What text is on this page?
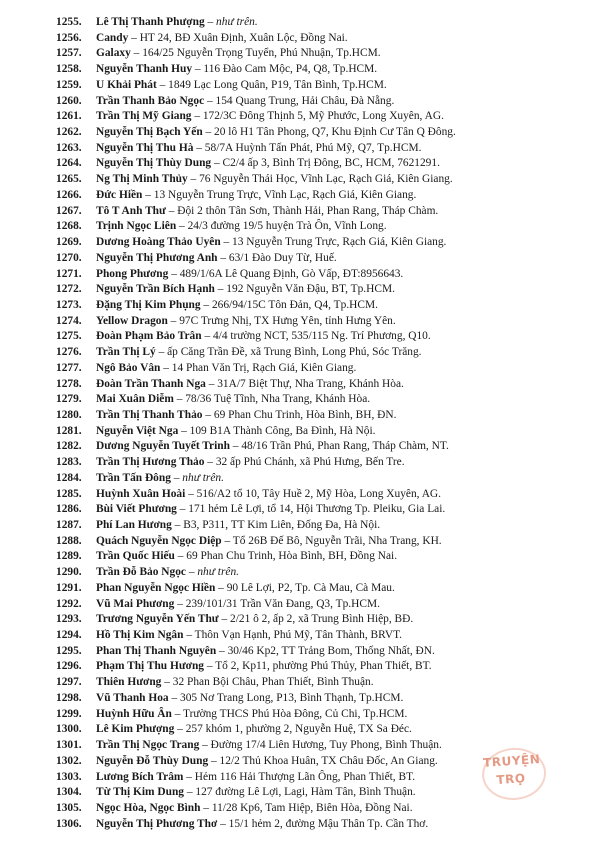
1255. Lê Thị Thanh Phượng – như trên.
1256. Candy – HT 24, BĐ Xuân Định, Xuân Lộc, Đồng Nai.
1257. Galaxy – 164/25 Nguyễn Trọng Tuyển, Phú Nhuận, Tp.HCM.
1258. Nguyễn Thanh Huy – 116 Đào Cam Mộc, P4, Q8, Tp.HCM.
1259. U Khải Phát – 1849 Lạc Long Quân, P19, Tân Bình, Tp.HCM.
1260. Trần Thanh Bảo Ngọc – 154 Quang Trung, Hải Châu, Đà Nẵng.
1261. Trần Thị Mỹ Giang – 172/3C Đông Thịnh 5, Mỹ Phước, Long Xuyên, AG.
1262. Nguyễn Thị Bạch Yến – 20 lô H1 Tân Phong, Q7, Khu Định Cư Tân Q Đông.
1263. Nguyễn Thị Thu Hà – 58/7A Huỳnh Tấn Phát, Phú Mỹ, Q7, Tp.HCM.
1264. Nguyễn Thị Thùy Dung – C2/4 ấp 3, Bình Trị Đông, BC, HCM, 7621291.
1265. Ng Thị Minh Thủy – 76 Nguyễn Thái Học, Vĩnh Lạc, Rạch Giá, Kiên Giang.
1266. Đức Hiền – 13 Nguyễn Trung Trực, Vĩnh Lạc, Rạch Giá, Kiên Giang.
1267. Tô T Anh Thư – Đội 2 thôn Tân Sơn, Thành Hải, Phan Rang, Tháp Chàm.
1268. Trịnh Ngọc Liên – 24/3 đường 19/5 huyện Trà Ôn, Vĩnh Long.
1269. Dương Hoàng Thảo Uyên – 13 Nguyễn Trung Trực, Rạch Giá, Kiên Giang.
1270. Nguyễn Thị Phương Anh – 63/1 Đào Duy Từ, Huế.
1271. Phong Phương – 489/1/6A Lê Quang Định, Gò Vấp, ĐT:8956643.
1272. Nguyễn Trần Bích Hạnh – 192 Nguyễn Văn Đậu, BT, Tp.HCM.
1273. Đặng Thị Kim Phụng – 266/94/15C Tôn Đản, Q4, Tp.HCM.
1274. Yellow Dragon – 97C Trưng Nhị, TX Hưng Yên, tỉnh Hưng Yên.
1275. Đoàn Phạm Bảo Trân – 4/4 trường NCT, 535/115 Ng. Trí Phương, Q10.
1276. Trần Thị Lý – ấp Căng Trần Đề, xã Trung Bình, Long Phú, Sóc Trăng.
1277. Ngô Bảo Vân – 14 Phan Văn Trị, Rạch Giá, Kiên Giang.
1278. Đoàn Trần Thanh Nga – 31A/7 Biệt Thự, Nha Trang, Khánh Hòa.
1279. Mai Xuân Diễm – 78/36 Tuệ Tĩnh, Nha Trang, Khánh Hòa.
1280. Trần Thị Thanh Thảo – 69 Phan Chu Trinh, Hòa Bình, BH, ĐN.
1281. Nguyễn Việt Nga – 109 B1A Thành Công, Ba Đình, Hà Nội.
1282. Dương Nguyễn Tuyết Trinh – 48/16 Trần Phú, Phan Rang, Tháp Chàm, NT.
1283. Trần Thị Hương Thảo – 32 ấp Phú Chánh, xã Phú Hưng, Bến Tre.
1284. Trần Tấn Đông – như trên.
1285. Huỳnh Xuân Hoài – 516/A2 tổ 10, Tây Huề 2, Mỹ Hòa, Long Xuyên, AG.
1286. Bùi Viết Phương – 171 hẻm Lê Lợi, tổ 14, Hội Thương Tp. Pleiku, Gia Lai.
1287. Phí Lan Hương – B3, P311, TT Kim Liên, Đống Đa, Hà Nội.
1288. Quách Nguyễn Ngọc Diệp – Tổ 26B Đế Bô, Nguyễn Trãi, Nha Trang, KH.
1289. Trần Quốc Hiếu – 69 Phan Chu Trinh, Hòa Bình, BH, Đồng Nai.
1290. Trần Đỗ Bảo Ngọc – như trên.
1291. Phan Nguyễn Ngọc Hiền – 90 Lê Lợi, P2, Tp. Cà Mau, Cà Mau.
1292. Vũ Mai Phương – 239/101/31 Trần Văn Đang, Q3, Tp.HCM.
1293. Trương Nguyễn Yến Thư – 2/21 ô 2, ấp 2, xã Trung Bình Hiệp, BĐ.
1294. Hồ Thị Kim Ngân – Thôn Vạn Hạnh, Phú Mỹ, Tân Thành, BRVT.
1295. Phan Thị Thanh Nguyên – 30/46 Kp2, TT Trảng Bom, Thống Nhất, ĐN.
1296. Phạm Thị Thu Hương – Tổ 2, Kp11, phường Phú Thủy, Phan Thiết, BT.
1297. Thiên Hương – 32 Phan Bội Châu, Phan Thiết, Bình Thuận.
1298. Vũ Thanh Hoa – 305 Nơ Trang Long, P13, Bình Thạnh, Tp.HCM.
1299. Huỳnh Hữu Ân – Trường THCS Phú Hòa Đông, Củ Chi, Tp.HCM.
1300. Lê Kim Phượng – 257 khóm 1, phường 2, Nguyễn Huệ, TX Sa Đéc.
1301. Trần Thị Ngọc Trang – Đường 17/4 Liên Hương, Tuy Phong, Bình Thuận.
1302. Nguyễn Đỗ Thùy Dung – 12/2 Thủ Khoa Huân, TX Châu Đốc, An Giang.
1303. Lương Bích Trâm – Hẻm 116 Hải Thượng Lãn Ông, Phan Thiết, BT.
1304. Từ Thị Kim Dung – 127 đường Lê Lợi, Lagi, Hàm Tân, Bình Thuận.
1305. Ngọc Hòa, Ngọc Bình – 11/28 Kp6, Tam Hiệp, Biên Hòa, Đồng Nai.
1306. Nguyễn Thị Phương Thơ – 15/1 hẻm 2, đường Mậu Thân Tp. Cần Thơ.
TRUYỆN
TRỌ
